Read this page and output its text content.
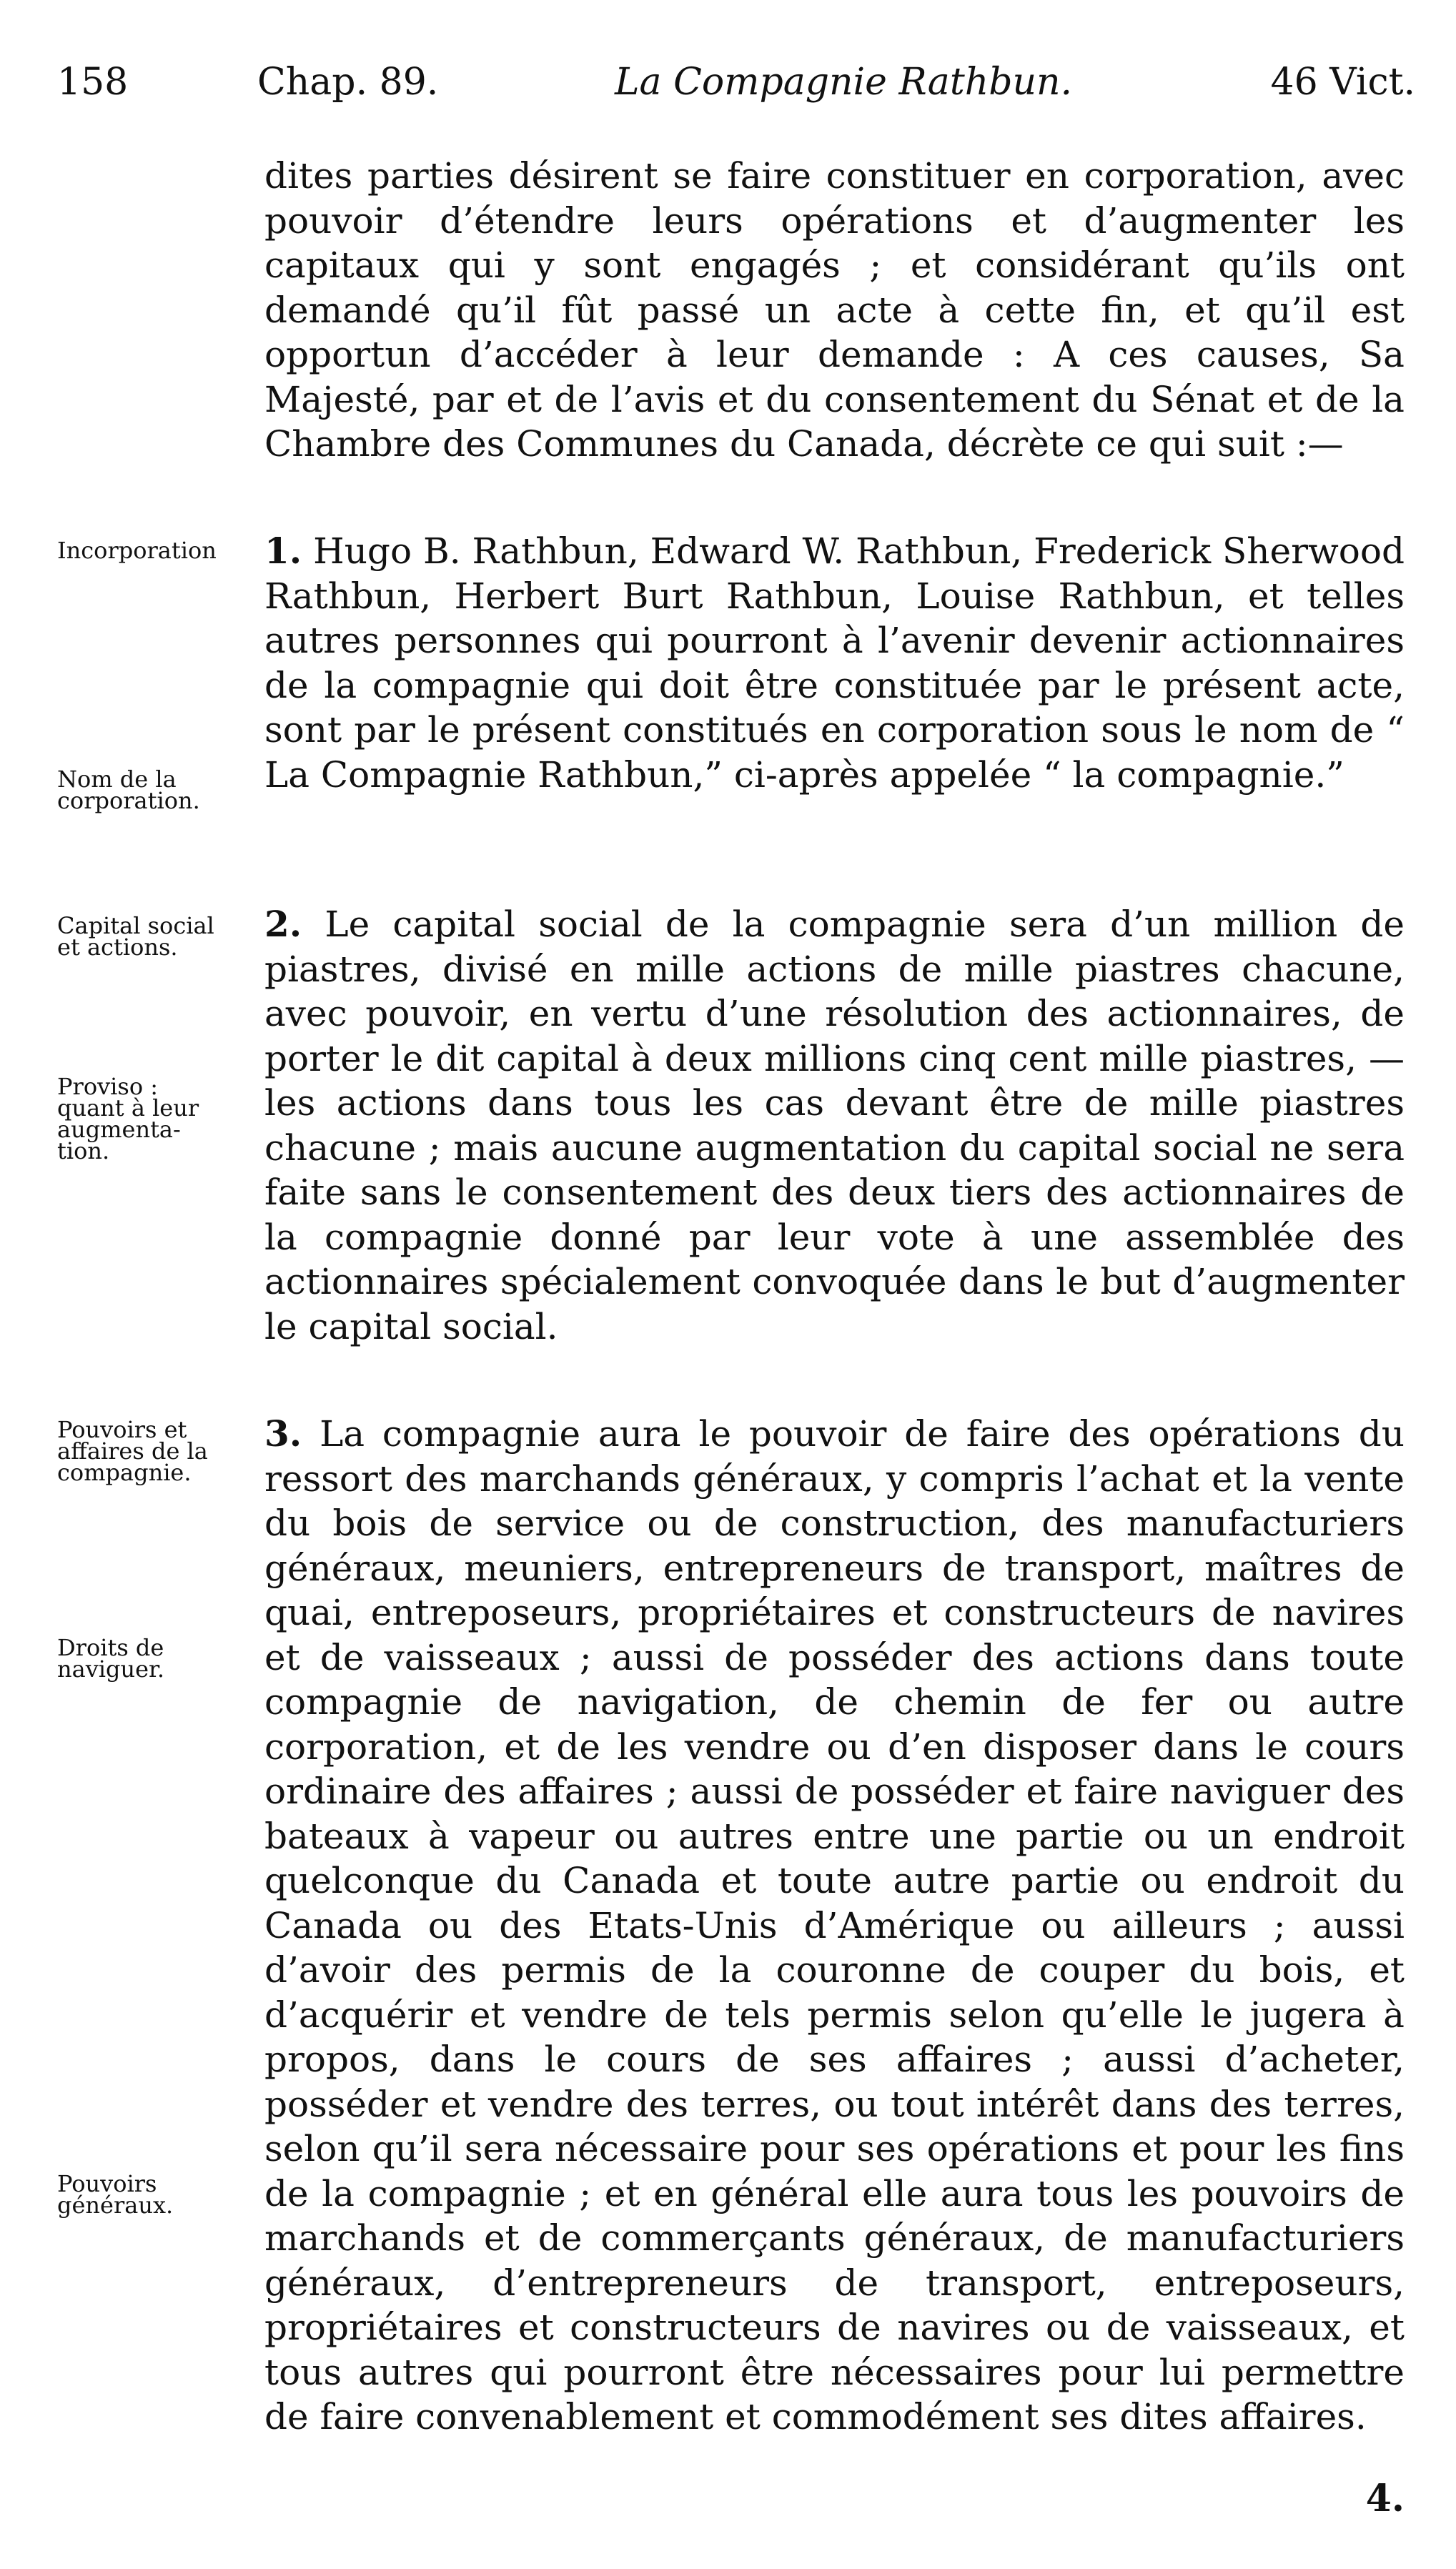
158	Chap. 89.	La Compagnie Rathbun.	46 Vict.

dites parties désirent se faire constituer en corporation, avec pouvoir d’étendre leurs opérations et d’augmenter les capitaux qui y sont engagés ; et considérant qu’ils ont demandé qu’il fût passé un acte à cette fin, et qu’il est opportun d’accéder à leur demande : A ces causes, Sa Majesté, par et de l’avis et du consentement du Sénat et de la Chambre des Communes du Canada, décrète ce qui suit :—

1. Hugo B. Rathbun, Edward W. Rathbun, Frederick Sherwood Rathbun, Herbert Burt Rathbun, Louise Rathbun, et telles autres personnes qui pourront à l’avenir devenir actionnaires de la compagnie qui doit être constituée par le présent acte, sont par le présent constitués en corporation sous le nom de “ La Compagnie Rathbun,” ci-après appelée “ la compagnie.”

2. Le capital social de la compagnie sera d’un million de piastres, divisé en mille actions de mille piastres chacune, avec pouvoir, en vertu d’une résolution des actionnaires, de porter le dit capital à deux millions cinq cent mille piastres, —les actions dans tous les cas devant être de mille piastres chacune ; mais aucune augmentation du capital social ne sera faite sans le consentement des deux tiers des actionnaires de la compagnie donné par leur vote à une assemblée des actionnaires spécialement convoquée dans le but d’augmenter le capital social.

3. La compagnie aura le pouvoir de faire des opérations du ressort des marchands généraux, y compris l’achat et la vente du bois de service ou de construction, des manufacturiers généraux, meuniers, entrepreneurs de transport, maîtres de quai, entreposeurs, propriétaires et constructeurs de navires et de vaisseaux ; aussi de posséder des actions dans toute compagnie de navigation, de chemin de fer ou autre corporation, et de les vendre ou d’en disposer dans le cours ordinaire des affaires ; aussi de posséder et faire naviguer des bateaux à vapeur ou autres entre une partie ou un endroit quelconque du Canada et toute autre partie ou endroit du Canada ou des Etats-Unis d’Amérique ou ailleurs ; aussi d’avoir des permis de la couronne de couper du bois, et d’acquérir et vendre de tels permis selon qu’elle le jugera à propos, dans le cours de ses affaires ; aussi d’acheter, posséder et vendre des terres, ou tout intérêt dans des terres, selon qu’il sera nécessaire pour ses opérations et pour les fins de la compagnie ; et en général elle aura tous les pouvoirs de marchands et de commerçants généraux, de manufacturiers généraux, d’entrepreneurs de transport, entreposeurs, propriétaires et constructeurs de navires ou de vaisseaux, et tous autres qui pourront être nécessaires pour lui permettre de faire convenablement et commodément ses dites affaires.

Incorporation
Nom de la
corporation.
Capital social
et actions.
Proviso :
quant à leur
augmenta-
tion.
Pouvoirs et
affaires de la
compagnie.
Droits de
naviguer.
Pouvoirs
généraux.
4.
